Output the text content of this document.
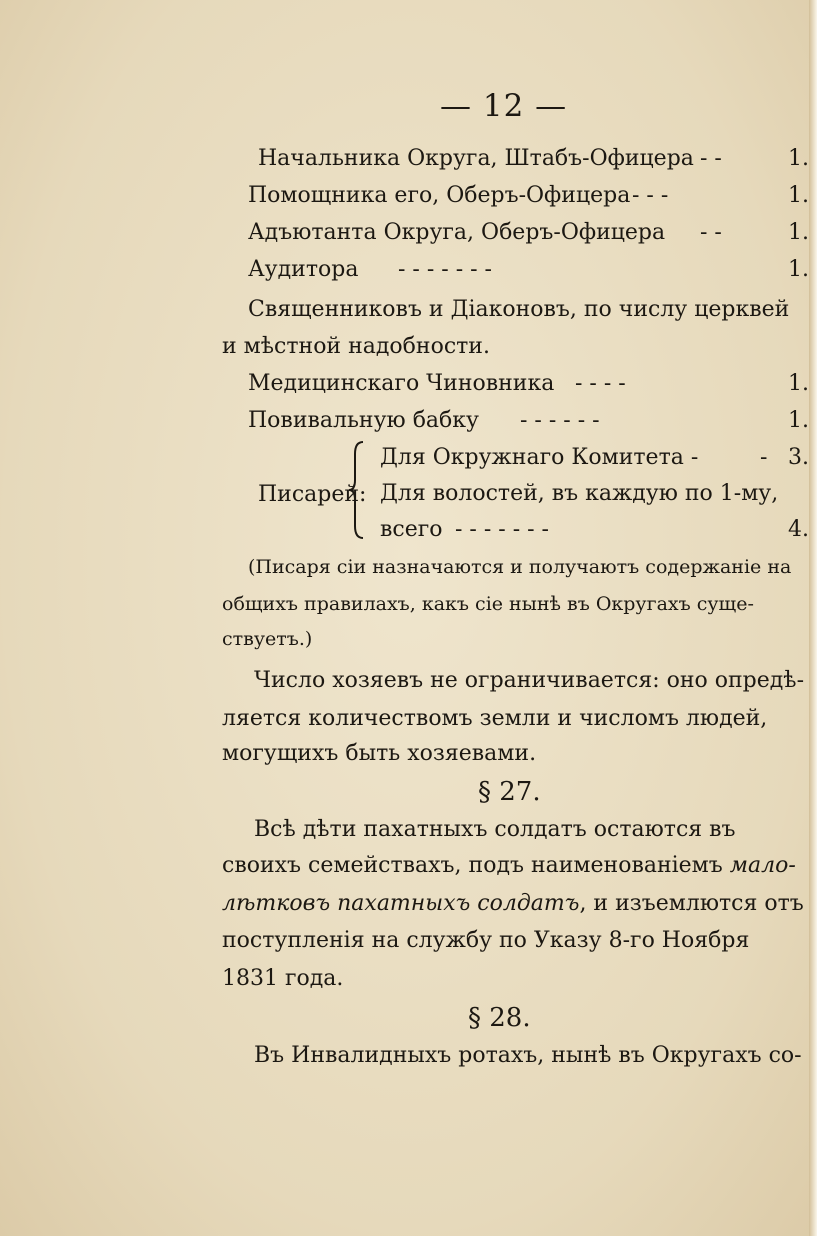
— 12 —
Начальника Округа, Штабъ-Офицера - -	1.
Помощника его, Оберъ-Офицера - - -	1.
Адъютанта Округа, Оберъ-Офицера - -	1.
Аудитора - - - - - - -	1.
Священниковъ и Діаконовъ, по числу церквей
и мѣстной надобности.
Медицинскаго Чиновника - - - -	1.
Повивальную бабку - - - - - -	1.
Писарей:
Для Окружнаго Комитета -	- 3.
Для волостей, въ каждую по 1-му,
всего - - - - - - -	4.
(Писаря сіи назначаются и получаютъ содержаніе на
общихъ правилахъ, какъ сіе нынѣ въ Округахъ суще-
ствуетъ.)
Число хозяевъ не ограничивается: оно опредѣ-
ляется количествомъ земли и числомъ людей,
могущихъ быть хозяевами.
§ 27.
Всѣ дѣти пахатныхъ солдатъ остаются въ
своихъ семействахъ, подъ наименованіемъ мало-
лѣтковъ пахатныхъ солдатъ, и изъемлются отъ
поступленія на службу по Указу 8-го Ноября
1831 года.
§ 28.
Въ Инвалидныхъ ротахъ, нынѣ въ Округахъ со-
